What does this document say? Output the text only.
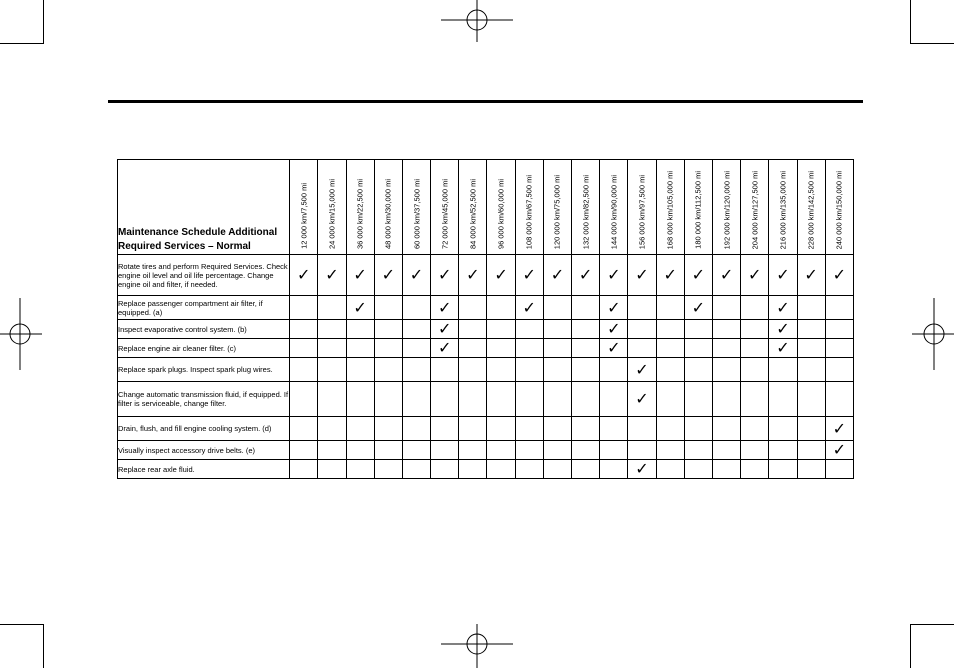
Maintenance Schedule Additional Required Services – Normal	12 000 km/7,500 mi	24 000 km/15,000 mi	36 000 km/22,500 mi	48 000 km/30,000 mi	60 000 km/37,500 mi	72 000 km/45,000 mi	84 000 km/52,500 mi	96 000 km/60,000 mi	108 000 km/67,500 mi	120 000 km/75,000 mi	132 000 km/82,500 mi	144 000 km/90,000 mi	156 000 km/97,500 mi	168 000 km/105,000 mi	180 000 km/112,500 mi	192 000 km/120,000 mi	204 000 km/127,500 mi	216 000 km/135,000 mi	228 000 km/142,500 mi	240 000 km/150,000 mi

Rotate tires and perform Required Services. Check engine oil level and oil life percentage. Change engine oil and filter, if needed.	✓	✓	✓	✓	✓	✓	✓	✓	✓	✓	✓	✓	✓	✓	✓	✓	✓	✓	✓	✓
Replace passenger compartment air filter, if equipped. (a)			✓			✓			✓			✓			✓			✓		
Inspect evaporative control system. (b)						✓						✓						✓		
Replace engine air cleaner filter. (c)						✓						✓						✓		
Replace spark plugs. Inspect spark plug wires.													✓							
Change automatic transmission fluid, if equipped. If filter is serviceable, change filter.													✓							
Drain, flush, and fill engine cooling system. (d)																				✓
Visually inspect accessory drive belts. (e)																				✓
Replace rear axle fluid.													✓							
